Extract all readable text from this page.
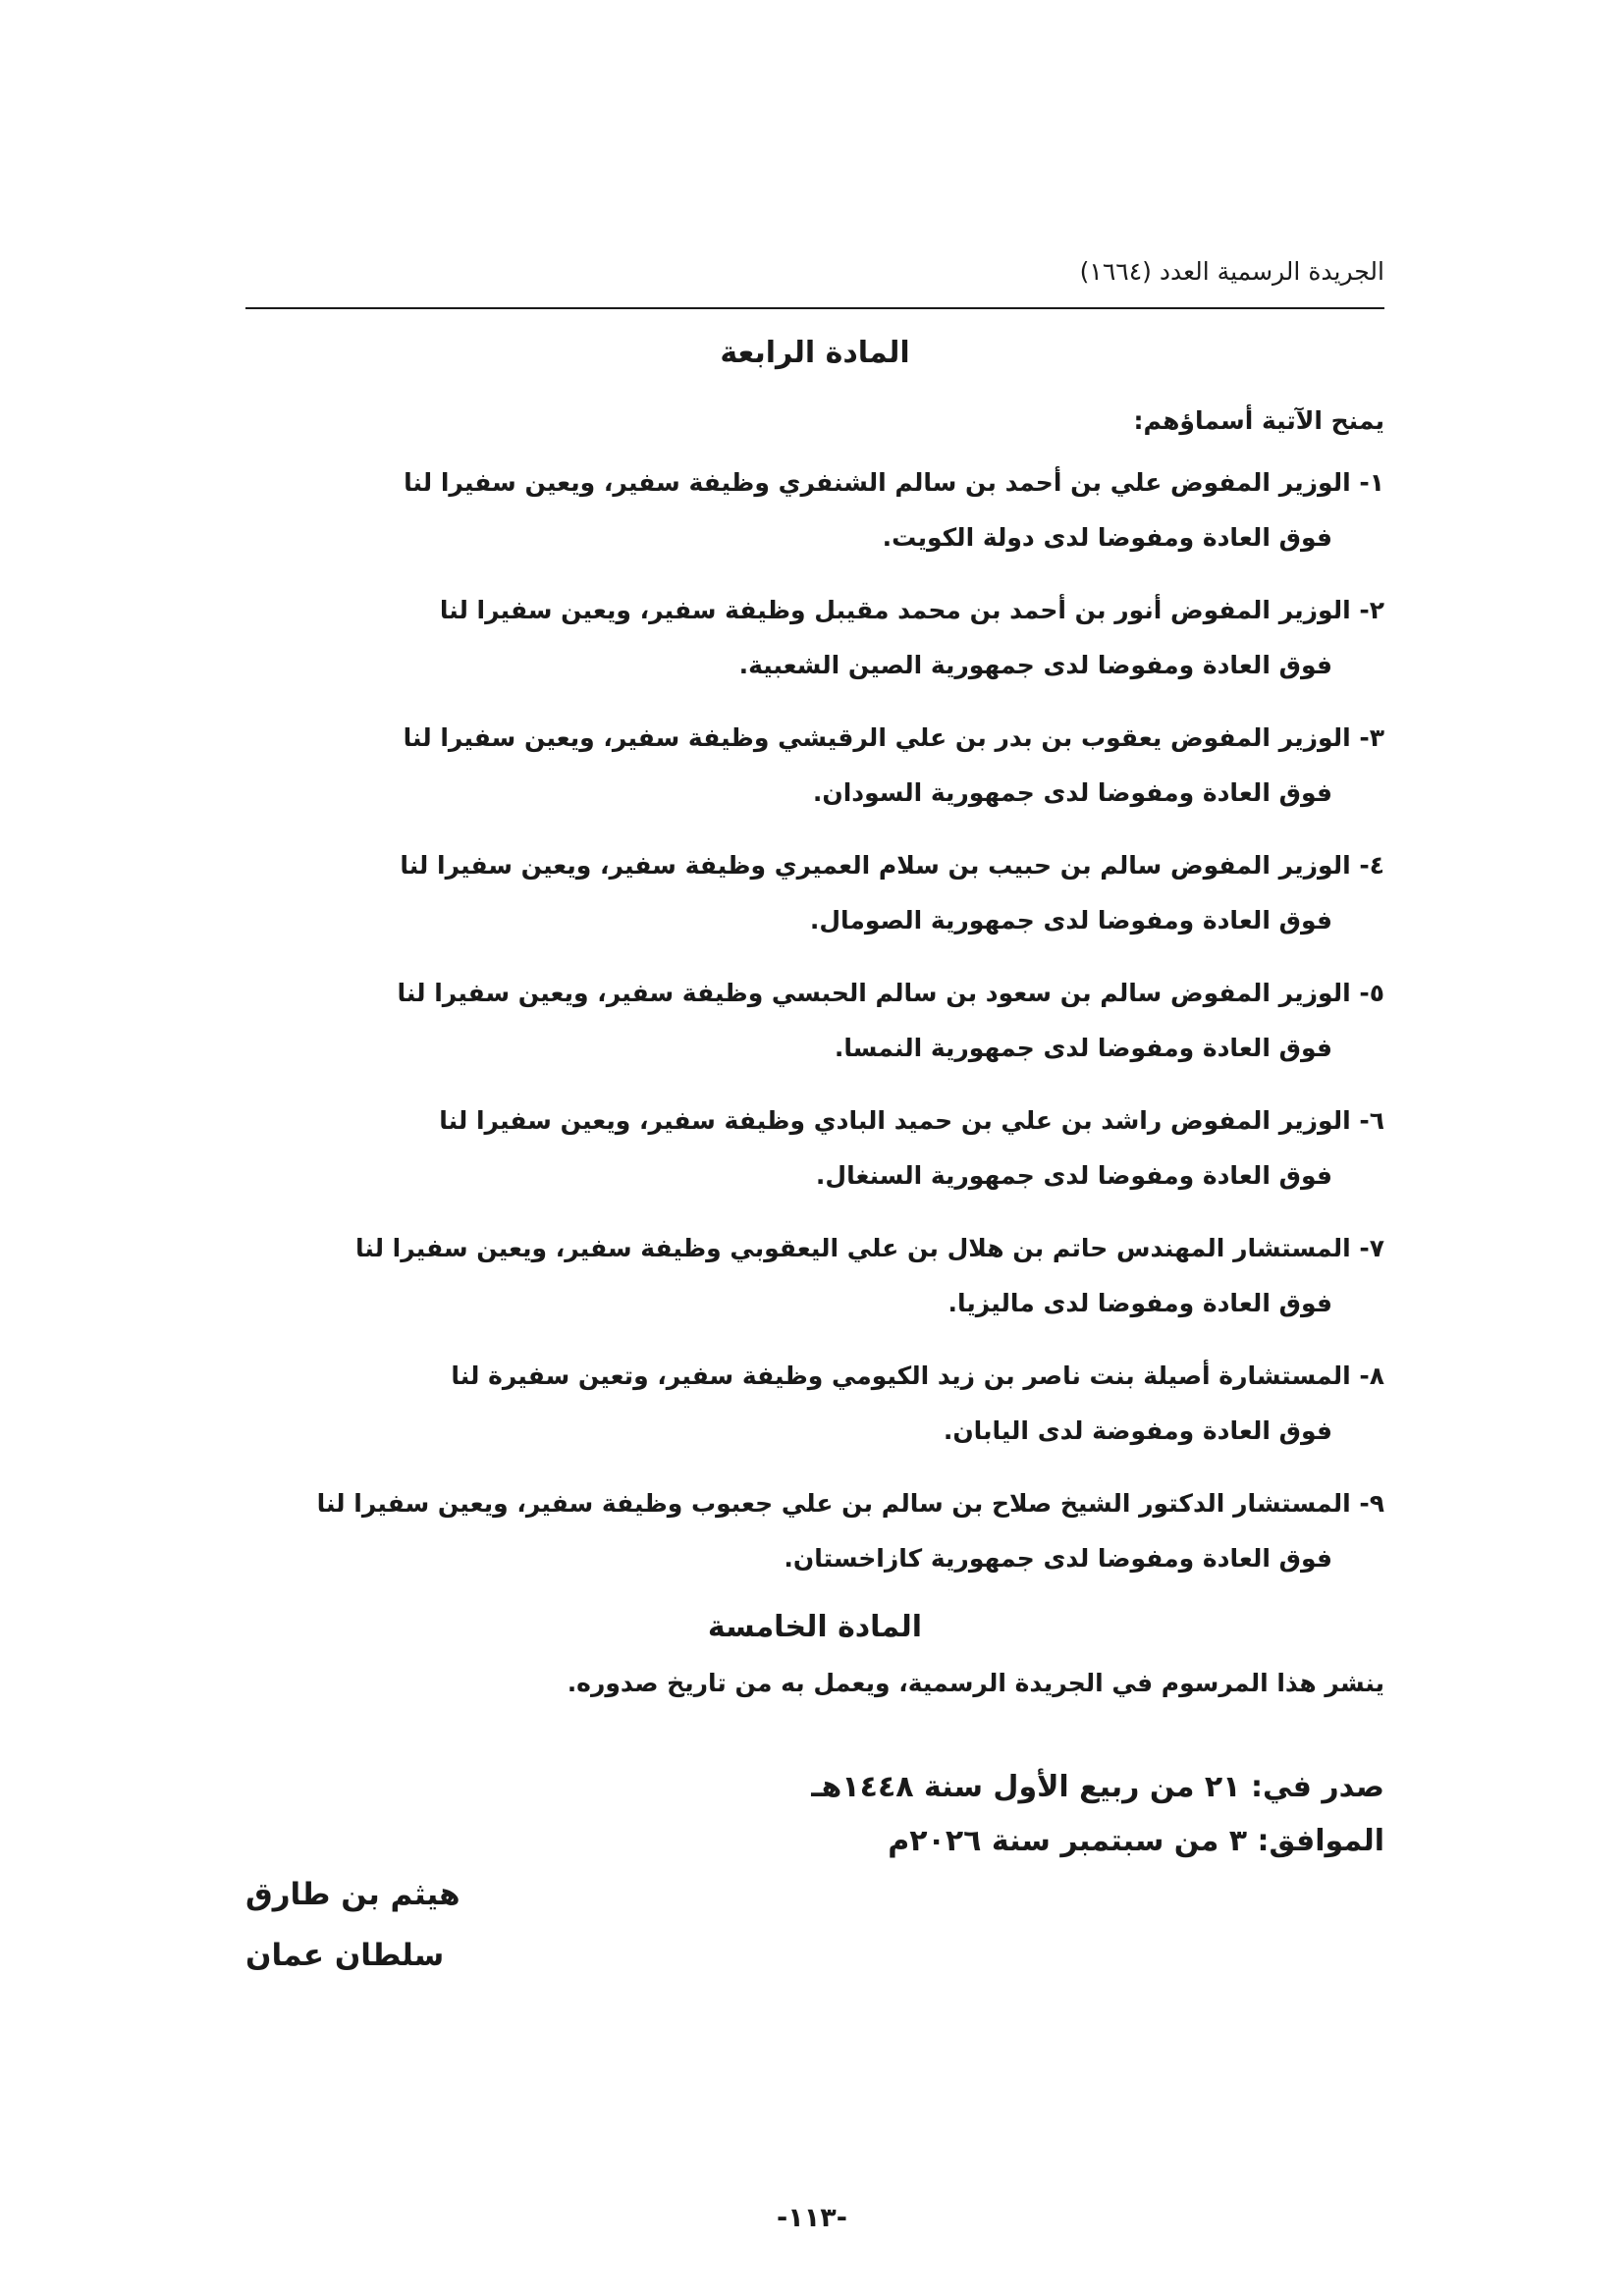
الجريدة الرسمية العدد (١٦٦٤)
المادة الرابعة
يمنح الآتية أسماؤهم:
١- الوزير المفوض علي بن أحمد بن سالم الشنفري وظيفة سفير، ويعين سفيرا لنا
فوق العادة ومفوضا لدى دولة الكويت.
٢- الوزير المفوض أنور بن أحمد بن محمد مقيبل وظيفة سفير، ويعين سفيرا لنا
فوق العادة ومفوضا لدى جمهورية الصين الشعبية.
٣- الوزير المفوض يعقوب بن بدر بن علي الرقيشي وظيفة سفير، ويعين سفيرا لنا
فوق العادة ومفوضا لدى جمهورية السودان.
٤- الوزير المفوض سالم بن حبيب بن سلام العميري وظيفة سفير، ويعين سفيرا لنا
فوق العادة ومفوضا لدى جمهورية الصومال.
٥- الوزير المفوض سالم بن سعود بن سالم الحبسي وظيفة سفير، ويعين سفيرا لنا
فوق العادة ومفوضا لدى جمهورية النمسا.
٦- الوزير المفوض راشد بن علي بن حميد البادي وظيفة سفير، ويعين سفيرا لنا
فوق العادة ومفوضا لدى جمهورية السنغال.
٧- المستشار المهندس حاتم بن هلال بن علي اليعقوبي وظيفة سفير، ويعين سفيرا لنا
فوق العادة ومفوضا لدى ماليزيا.
٨- المستشارة أصيلة بنت ناصر بن زيد الكيومي وظيفة سفير، وتعين سفيرة لنا
فوق العادة ومفوضة لدى اليابان.
٩- المستشار الدكتور الشيخ صلاح بن سالم بن علي جعبوب وظيفة سفير، ويعين سفيرا لنا
فوق العادة ومفوضا لدى جمهورية كازاخستان.
المادة الخامسة
ينشر هذا المرسوم في الجريدة الرسمية، ويعمل به من تاريخ صدوره.
صدر في: ٢١ من ربيع الأول سنة ١٤٤٨هـ
الموافق: ٣ من سبتمبر سنة ٢٠٢٦م
هيثم بن طارق
سلطان عمان
-١١٣-
